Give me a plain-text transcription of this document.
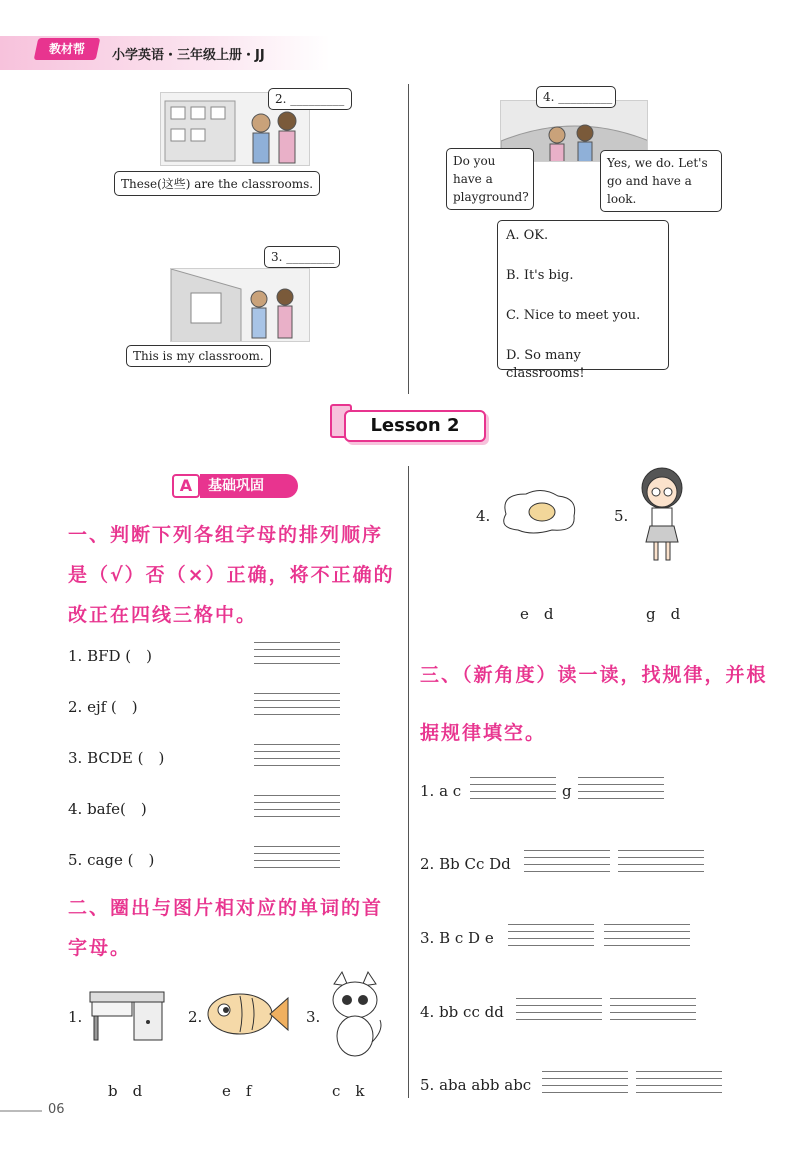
教材帮	小学英语・三年级上册・JJ
2. _________
These(这些) are the classrooms.
3. ________
This is my classroom.
4. _________
Do you have a playground?
Yes, we do. Let's go and have a look.
A. OK.
B. It's big.
C. Nice to meet you.
D. So many classrooms!
Lesson 2
A	基础巩固
一、判断下列各组字母的排列顺序
是（√）否（×）正确，将不正确的
改正在四线三格中。
1. BFD (　)
2. ejf (　)
3. BCDE (　)
4. bafe(　)
5. cage (　)
二、圈出与图片相对应的单词的首
字母。
1.	2.	3.
b　d	e　f	c　k
4.	5.
e　d	g　d
三、（新角度）读一读，找规律，并根
据规律填空。
1. a c	g
2. Bb Cc Dd
3. B c D e
4. bb cc dd
5. aba abb abc
06
